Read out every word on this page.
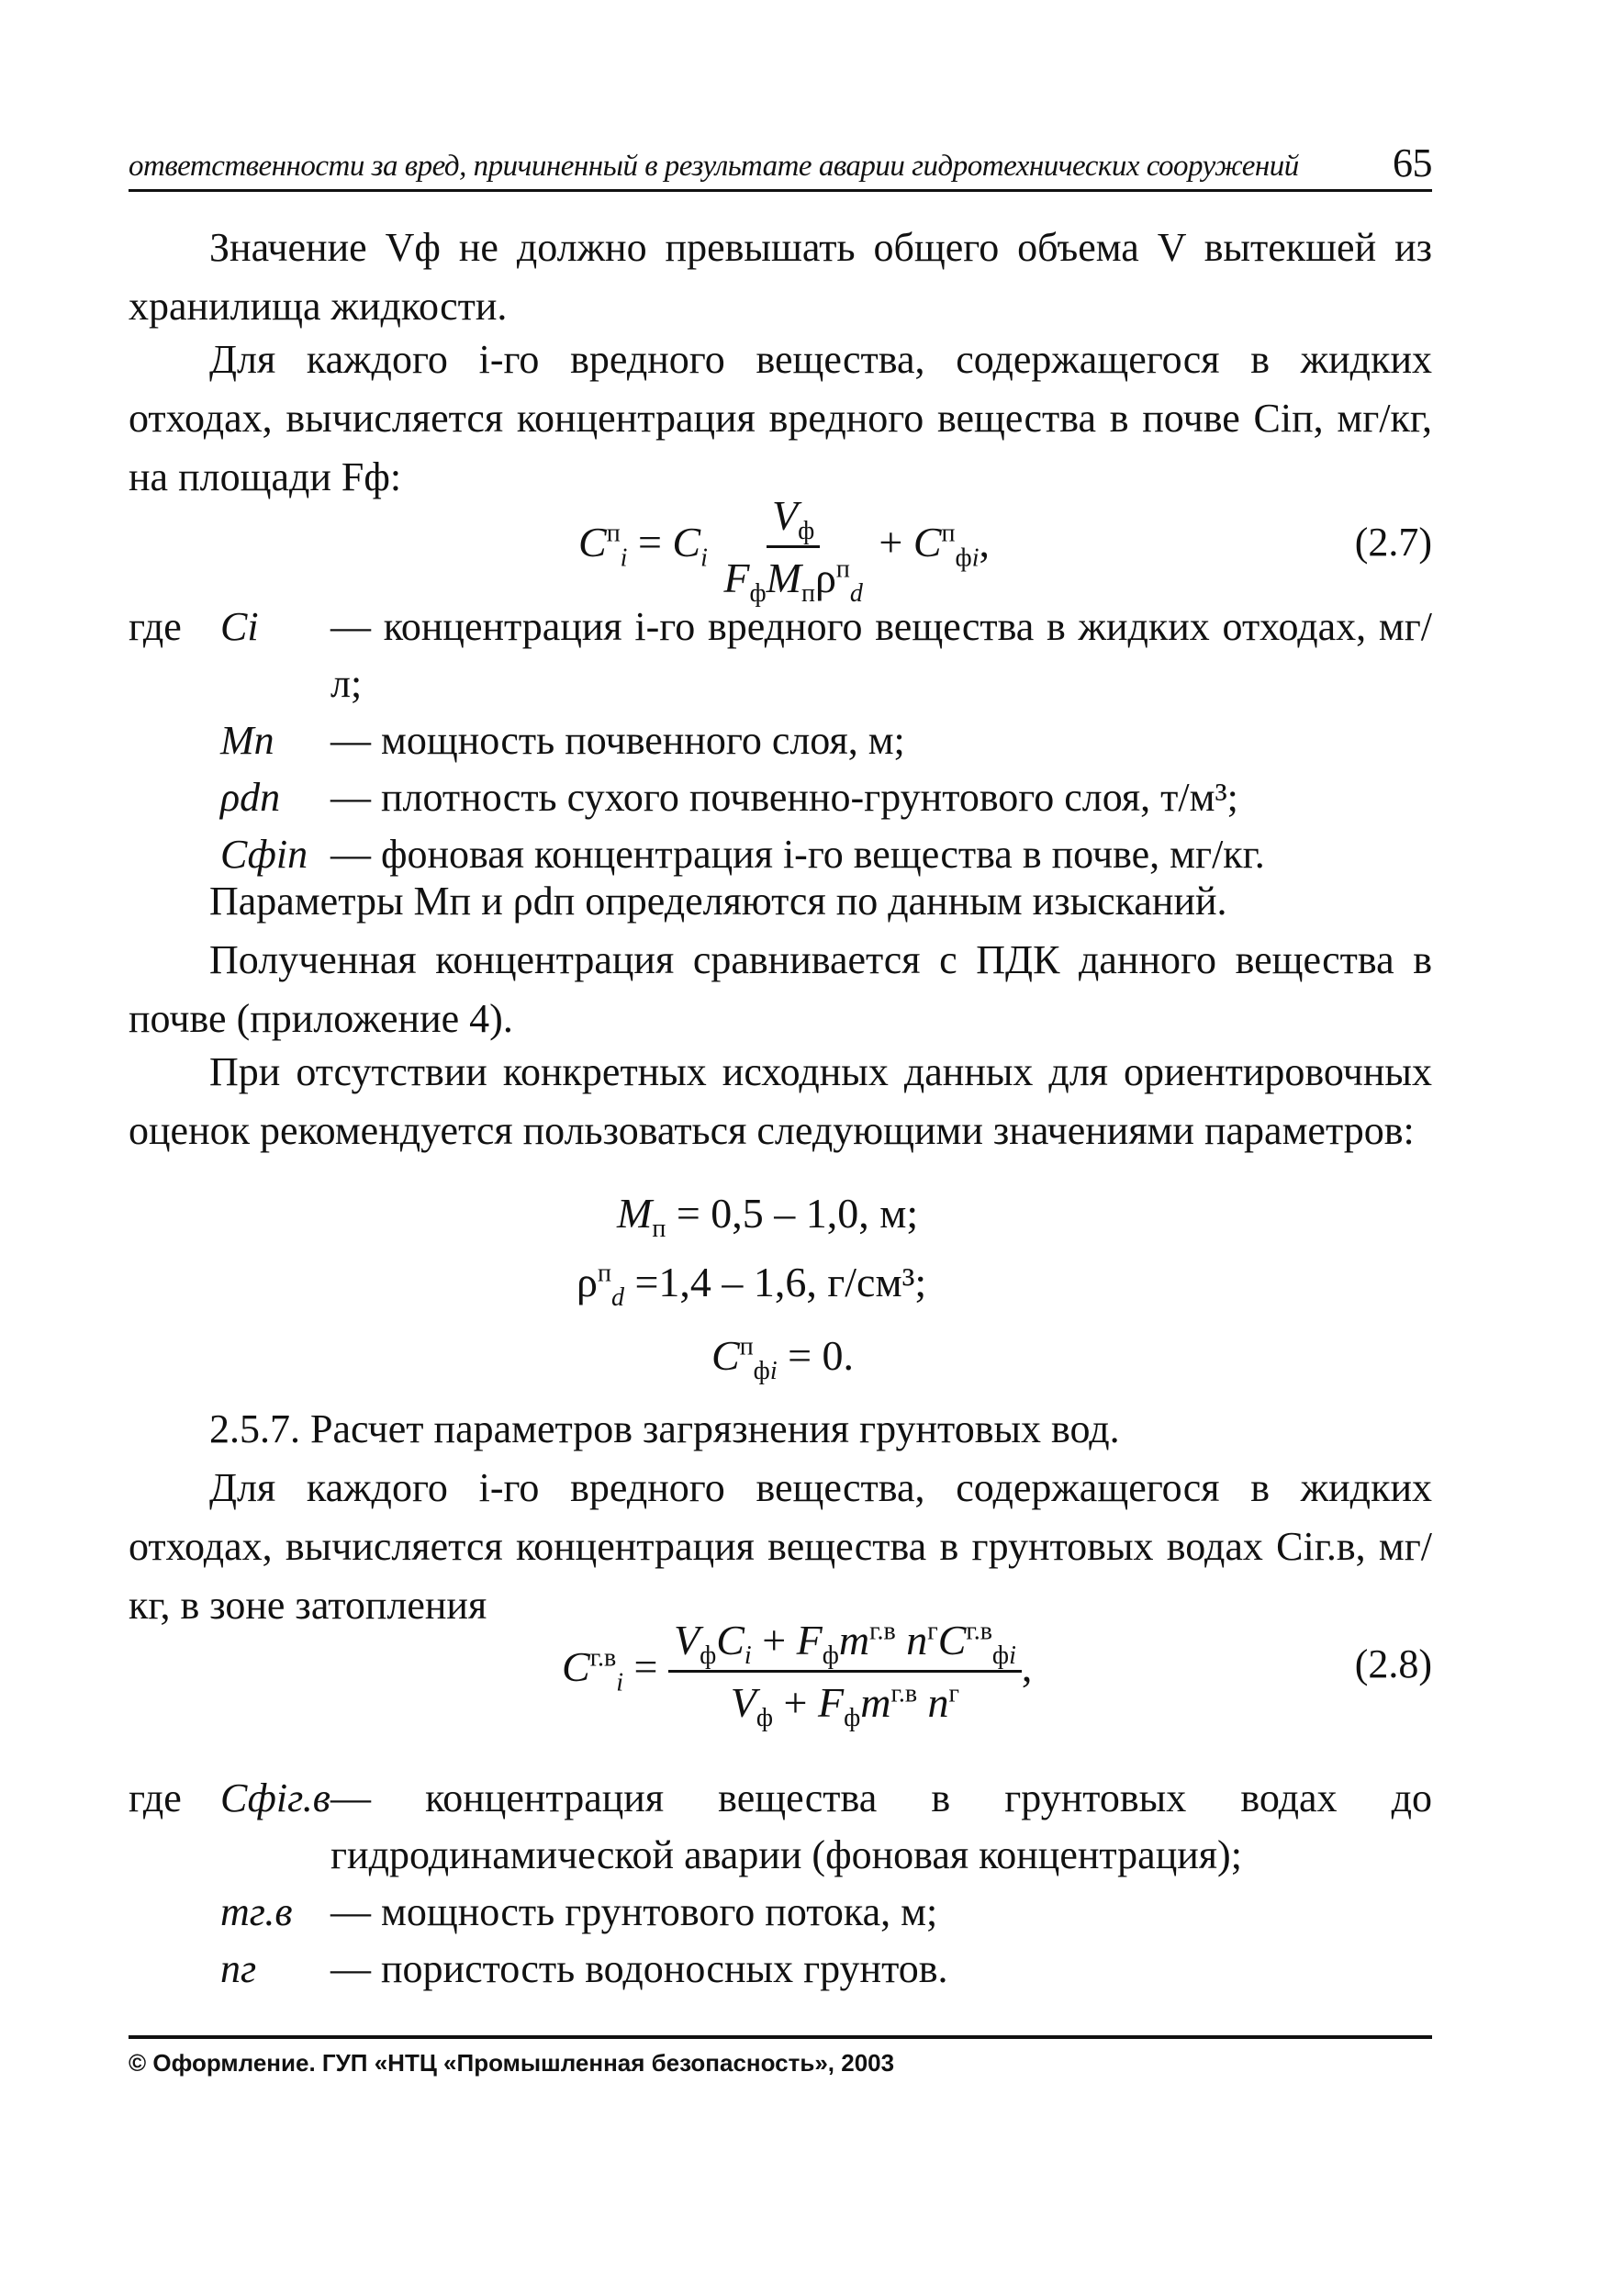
ответственности за вред, причиненный в результате аварии гидротехнических сооружений 65
Значение Vф не должно превышать общего объема V вытекшей из хранилища жидкости.
Для каждого i-го вредного вещества, содержащегося в жидких отходах, вычисляется концентрация вредного вещества в почве Сiп, мг/кг, на площади Fф:
$C^п_i = C_i \frac{V_ф}{F_фM_п\rho^п_d} + C^п_{фi}$,	(2.7)
где Ci	— концентрация i-го вредного вещества в жидких отходах, мг/л;
Mп	— мощность почвенного слоя, м;
ρdп	— плотность сухого почвенно-грунтового слоя, т/м³;
Сфiп — фоновая концентрация i-го вещества в почве, мг/кг.
Параметры Mп и ρdп определяются по данным изысканий.
Полученная концентрация сравнивается с ПДК данного вещества в почве (приложение 4).
При отсутствии конкретных исходных данных для ориентировочных оценок рекомендуется пользоваться следующими значениями параметров:
$M_п = 0,5 - 1,0$, м;
$\rho^п_d =1,4 - 1,6$, г/см³;
$C^п_{фi} = 0$.
2.5.7. Расчет параметров загрязнения грунтовых вод.
Для каждого i-го вредного вещества, содержащегося в жидких отходах, вычисляется концентрация вещества в грунтовых водах Сiг.в, мг/кг, в зоне затопления
$C^{г.в}_i = \frac{V_фC_i + F_фm^{г.в} n^гC^{г.в}_{фi}}{V_ф + F_фm^{г.в} n^г}$ ,	(2.8)
где Сфiг.в — концентрация вещества в грунтовых водах до гидродинамической аварии (фоновая концентрация);
mг.в — мощность грунтового потока, м;
nг	— пористость водоносных грунтов.
© Оформление. ГУП «НТЦ «Промышленная безопасность», 2003
